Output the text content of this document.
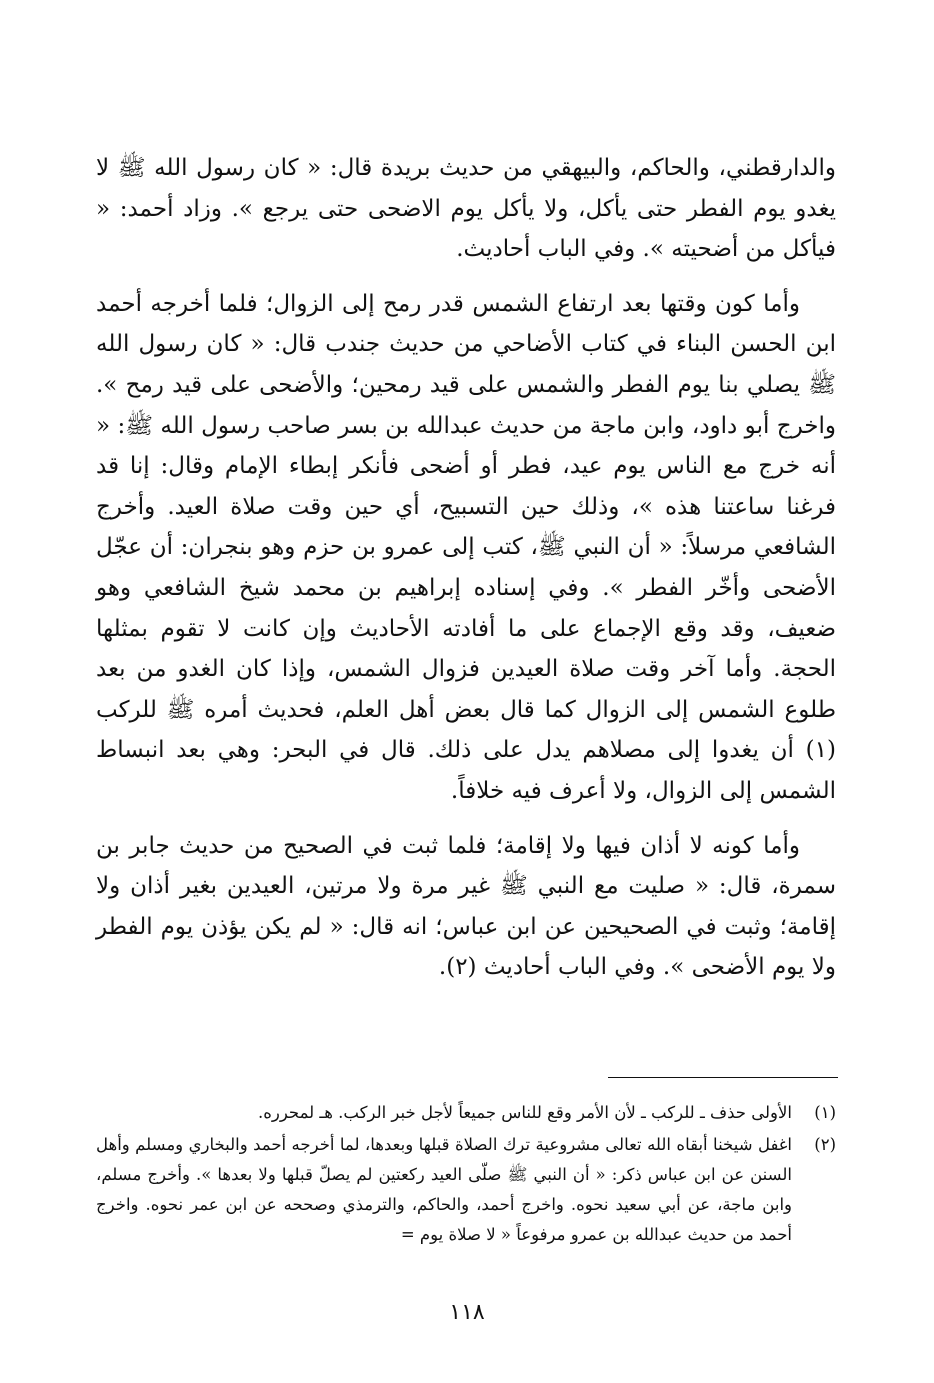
والدارقطني، والحاكم، والبيهقي من حديث بريدة قال: « كان رسول الله ﷺ لا يغدو يوم الفطر حتى يأكل، ولا يأكل يوم الاضحى حتى يرجع ». وزاد أحمد: « فيأكل من أضحيته ». وفي الباب أحاديث.

وأما كون وقتها بعد ارتفاع الشمس قدر رمح إلى الزوال؛ فلما أخرجه أحمد ابن الحسن البناء في كتاب الأضاحي من حديث جندب قال: « كان رسول الله ﷺ يصلي بنا يوم الفطر والشمس على قيد رمحين؛ والأضحى على قيد رمح ». واخرج أبو داود، وابن ماجة من حديث عبدالله بن بسر صاحب رسول الله ﷺ: « أنه خرج مع الناس يوم عيد، فطر أو أضحى فأنكر إبطاء الإمام وقال: إنا قد فرغنا ساعتنا هذه »، وذلك حين التسبيح، أي حين وقت صلاة العيد. وأخرج الشافعي مرسلاً: « أن النبي ﷺ، كتب إلى عمرو بن حزم وهو بنجران: أن عجّل الأضحى وأخّر الفطر ». وفي إسناده إبراهيم بن محمد شيخ الشافعي وهو ضعيف، وقد وقع الإجماع على ما أفادته الأحاديث وإن كانت لا تقوم بمثلها الحجة. وأما آخر وقت صلاة العيدين فزوال الشمس، وإذا كان الغدو من بعد طلوع الشمس إلى الزوال كما قال بعض أهل العلم، فحديث أمره ﷺ للركب (١) أن يغدوا إلى مصلاهم يدل على ذلك. قال في البحر: وهي بعد انبساط الشمس إلى الزوال، ولا أعرف فيه خلافاً.

وأما كونه لا أذان فيها ولا إقامة؛ فلما ثبت في الصحيح من حديث جابر بن سمرة، قال: « صليت مع النبي ﷺ غير مرة ولا مرتين، العيدين بغير أذان ولا إقامة؛ وثبت في الصحيحين عن ابن عباس؛ انه قال: « لم يكن يؤذن يوم الفطر ولا يوم الأضحى ». وفي الباب أحاديث (٢).

(١)
الأولى حذف ـ للركب ـ لأن الأمر وقع للناس جميعاً لأجل خبر الركب. هـ لمحرره.
(٢)
اغفل شيخنا أبقاه الله تعالى مشروعية ترك الصلاة قبلها وبعدها، لما أخرجه أحمد والبخاري ومسلم وأهل السنن عن ابن عباس ذكر: « أن النبي ﷺ صلّى العيد ركعتين لم يصلّ قبلها ولا بعدها ». وأخرج مسلم، وابن ماجة، عن أبي سعيد نحوه. واخرج أحمد، والحاكم، والترمذي وصححه عن ابن عمر نحوه. واخرج أحمد من حديث عبدالله بن عمرو مرفوعاً « لا صلاة يوم =
١١٨
